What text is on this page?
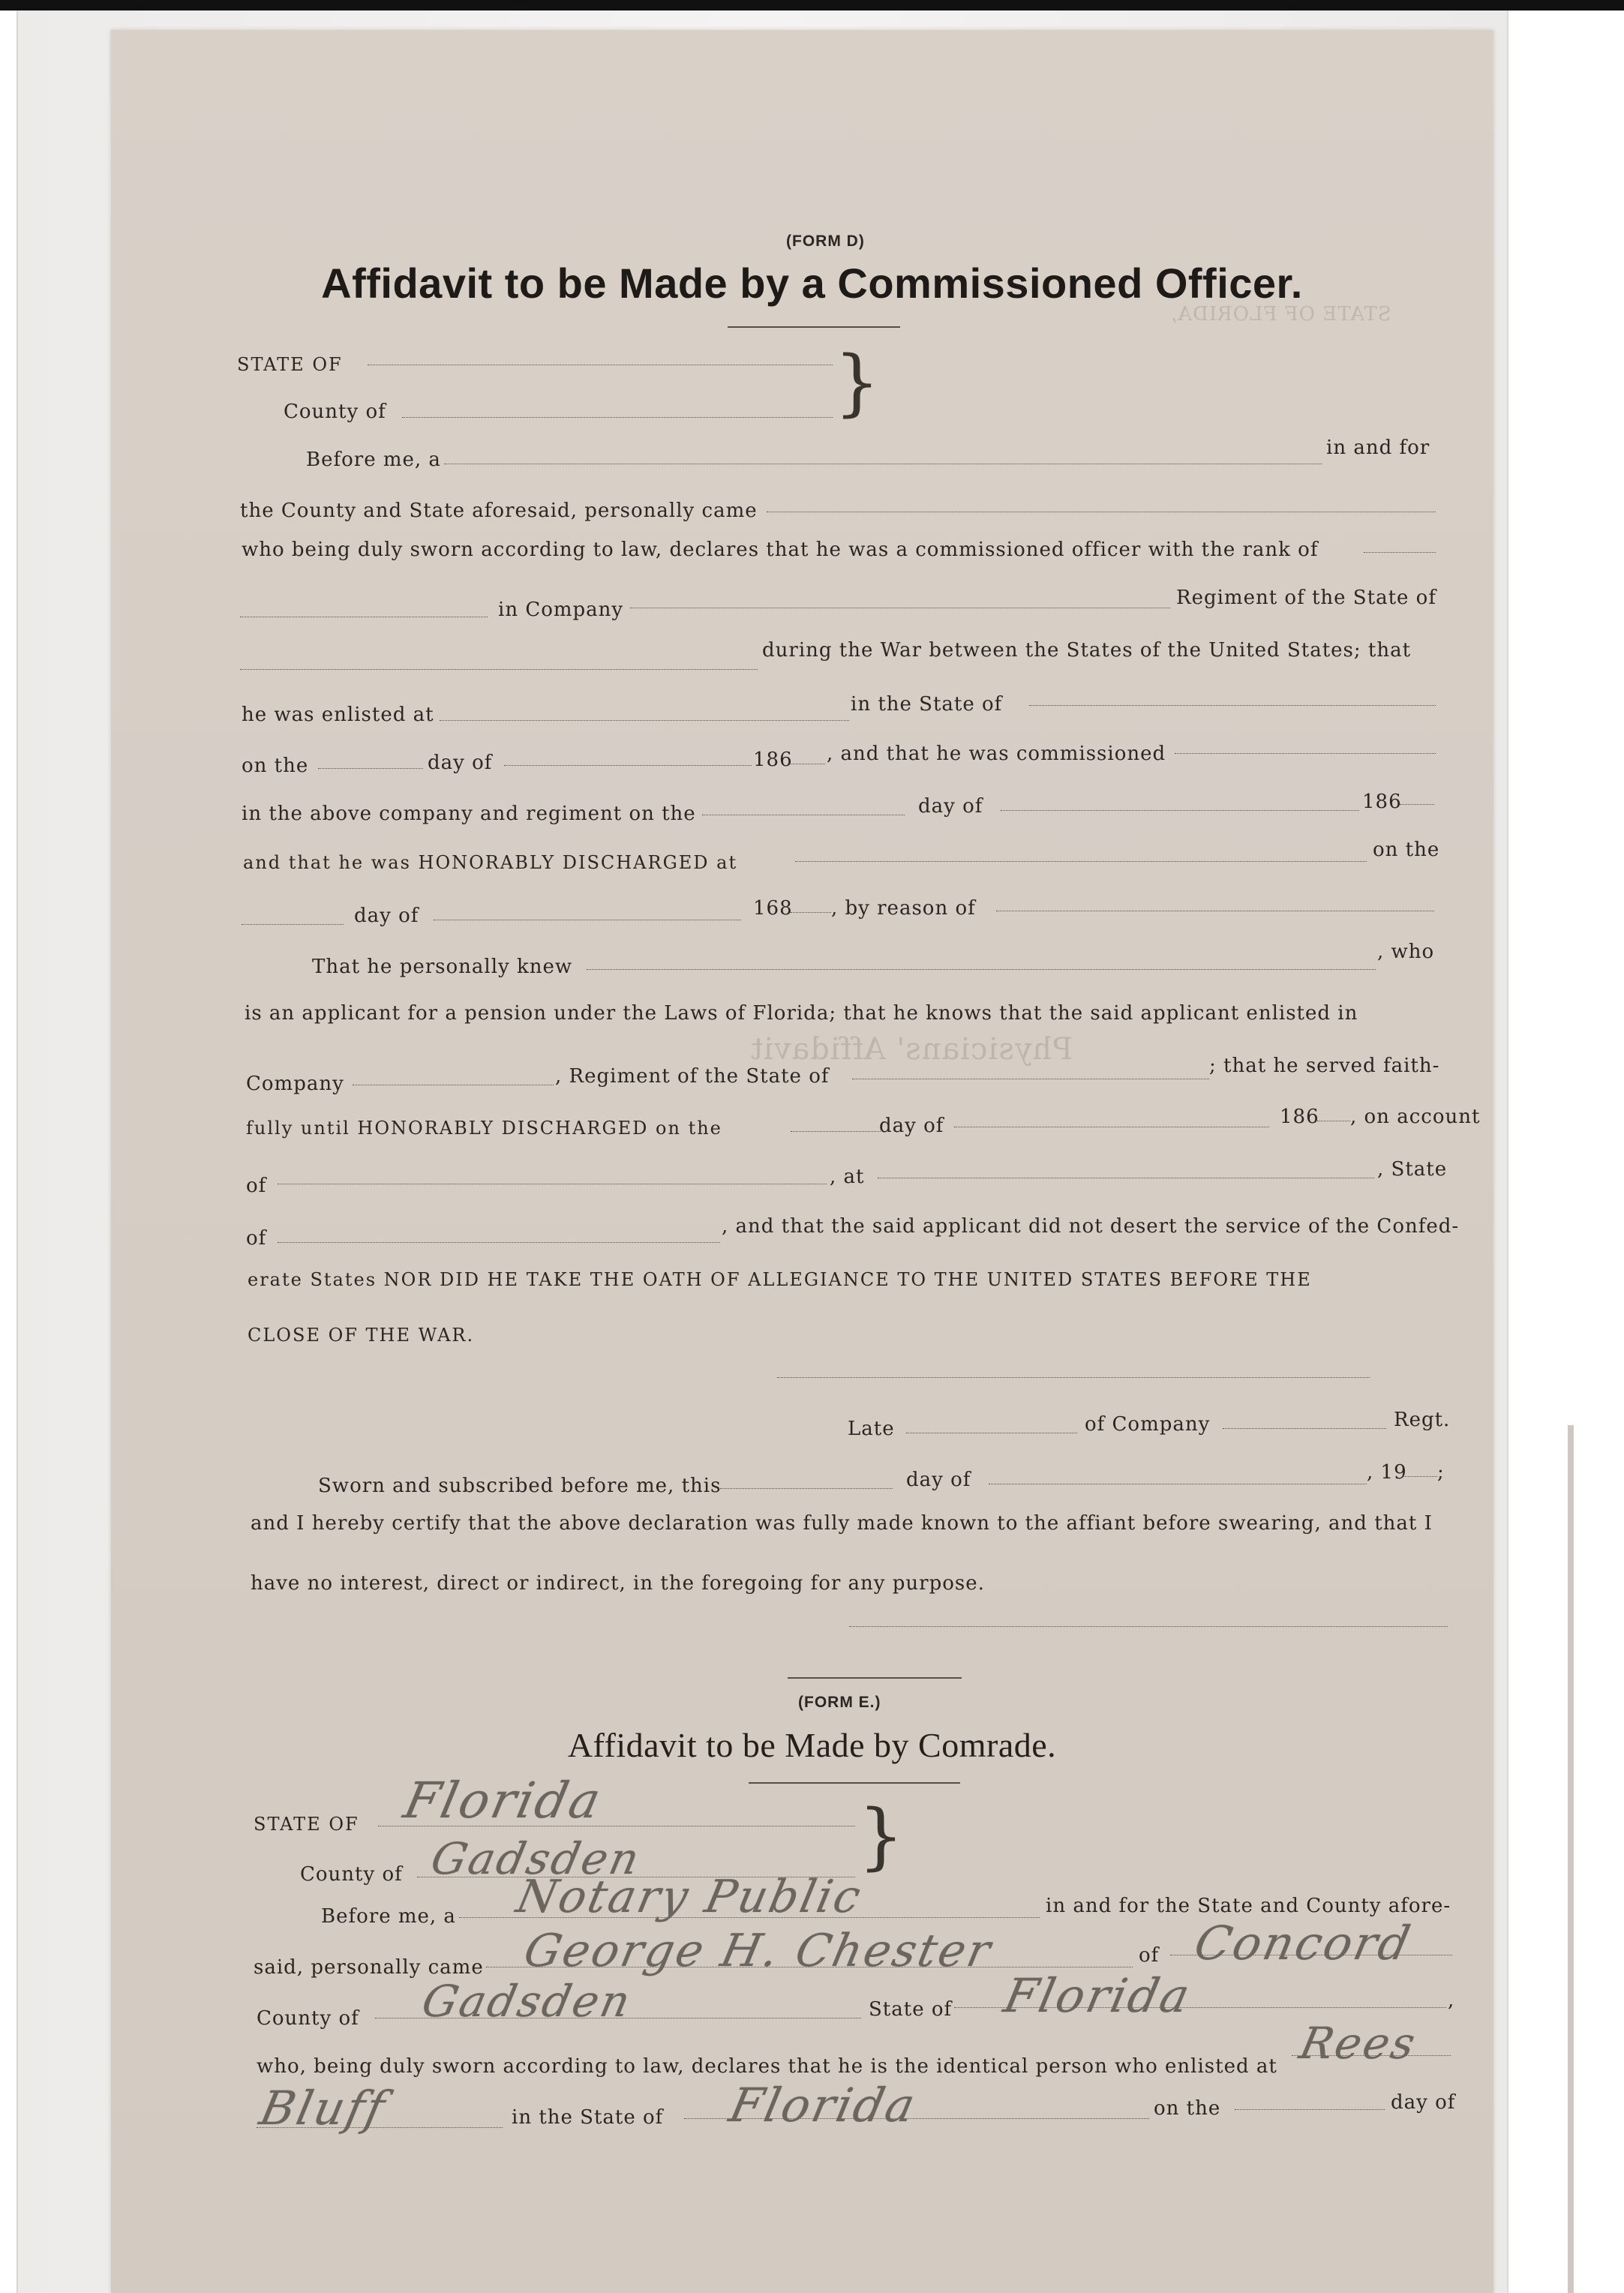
(FORM D)
Affidavit to be Made by a Commissioned Officer.
STATE OF
County of	}
Before me, a
in and for
the County and State aforesaid, personally came
who being duly sworn according to law, declares that he was a commissioned officer with the rank of
in Company
Regiment of the State of
during the War between the States of the United States; that
he was enlisted at	in the State of
on the	day of	186 , and that he was commissioned
in the above company and regiment on the	day of	186
and that he was HONORABLY DISCHARGED at
on the
day of	168 , by reason of
That he personally knew
, who
is an applicant for a pension under the Laws of Florida; that he knows that the said applicant enlisted in
Company	, Regiment of the State of	; that he served faith-
fully until HONORABLY DISCHARGED on the	day of	186 , on account
of	, at	, State
of
, and that the said applicant did not desert the service of the Confed-
erate States NOR DID HE TAKE THE OATH OF ALLEGIANCE TO THE UNITED STATES BEFORE THE
CLOSE OF THE WAR.
Late	of Company	Regt.
Sworn and subscribed before me, this	day of	, 19 ;
and I hereby certify that the above declaration was fully made known to the affiant before swearing, and that I
have no interest, direct or indirect, in the foregoing for any purpose.
(FORM E.)
Affidavit to be Made by Comrade.
STATE OF
County of	}
Before me, a	in and for the State and County afore-
said, personally came
of
County of	State of	,
who, being duly sworn according to law, declares that he is the identical person who enlisted at
in the State of	on the	day of
Florida
Gadsden
Notary Public
George H. Chester	Concord
Gadsden	Florida
Rees
Bluff	Florida
STATE OF FLORIDA,
Physicians' Affidavit
